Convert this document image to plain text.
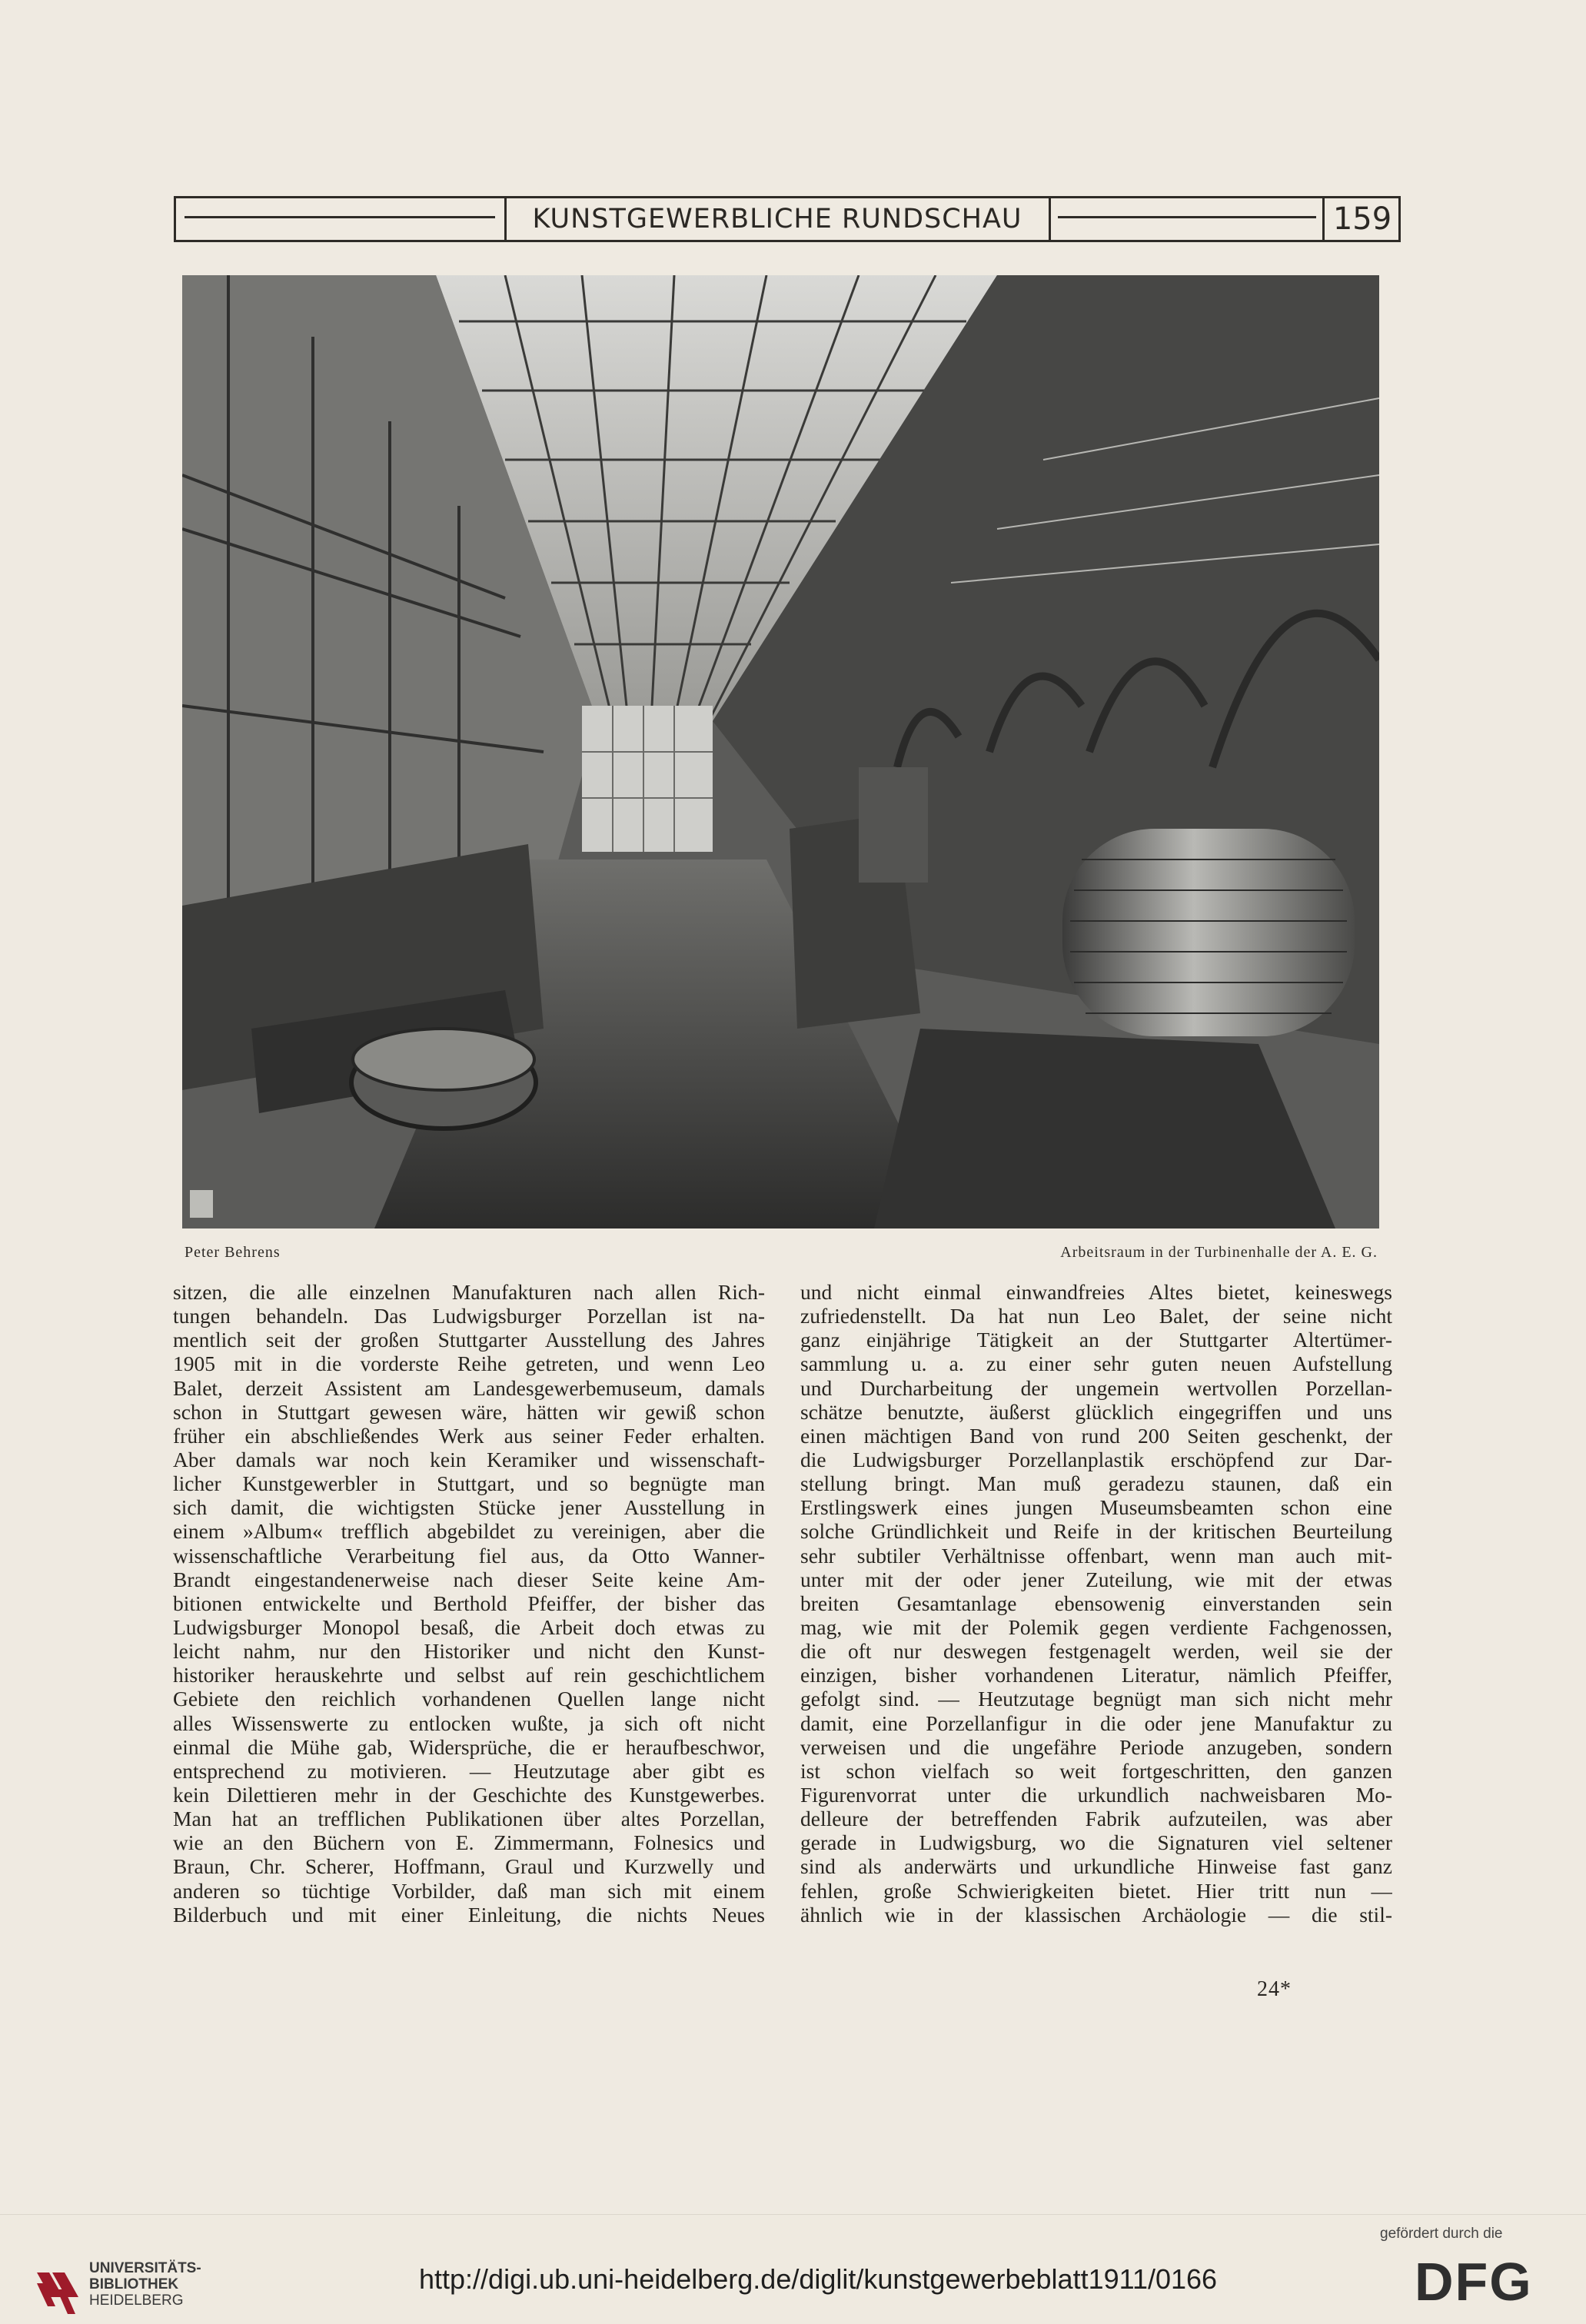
KUNSTGEWERBLICHE RUNDSCHAU	159
Peter Behrens	Arbeitsraum in der Turbinenhalle der A. E. G.
sitzen, die alle einzelnen Manufakturen nach allen Rich-
tungen behandeln. Das Ludwigsburger Porzellan ist na-
mentlich seit der großen Stuttgarter Ausstellung des Jahres
1905 mit in die vorderste Reihe getreten, und wenn Leo
Balet, derzeit Assistent am Landesgewerbemuseum, damals
schon in Stuttgart gewesen wäre, hätten wir gewiß schon
früher ein abschließendes Werk aus seiner Feder erhalten.
Aber damals war noch kein Keramiker und wissenschaft-
licher Kunstgewerbler in Stuttgart, und so begnügte man
sich damit, die wichtigsten Stücke jener Ausstellung in
einem »Album« trefflich abgebildet zu vereinigen, aber die
wissenschaftliche Verarbeitung fiel aus, da Otto Wanner-
Brandt eingestandenerweise nach dieser Seite keine Am-
bitionen entwickelte und Berthold Pfeiffer, der bisher das
Ludwigsburger Monopol besaß, die Arbeit doch etwas zu
leicht nahm, nur den Historiker und nicht den Kunst-
historiker herauskehrte und selbst auf rein geschichtlichem
Gebiete den reichlich vorhandenen Quellen lange nicht
alles Wissenswerte zu entlocken wußte, ja sich oft nicht
einmal die Mühe gab, Widersprüche, die er heraufbeschwor,
entsprechend zu motivieren. — Heutzutage aber gibt es
kein Dilettieren mehr in der Geschichte des Kunstgewerbes.
Man hat an trefflichen Publikationen über altes Porzellan,
wie an den Büchern von E. Zimmermann, Folnesics und
Braun, Chr. Scherer, Hoffmann, Graul und Kurzwelly und
anderen so tüchtige Vorbilder, daß man sich mit einem
Bilderbuch und mit einer Einleitung, die nichts Neues
und nicht einmal einwandfreies Altes bietet, keineswegs
zufriedenstellt. Da hat nun Leo Balet, der seine nicht
ganz einjährige Tätigkeit an der Stuttgarter Altertümer-
sammlung u. a. zu einer sehr guten neuen Aufstellung
und Durcharbeitung der ungemein wertvollen Porzellan-
schätze benutzte, äußerst glücklich eingegriffen und uns
einen mächtigen Band von rund 200 Seiten geschenkt, der
die Ludwigsburger Porzellanplastik erschöpfend zur Dar-
stellung bringt. Man muß geradezu staunen, daß ein
Erstlingswerk eines jungen Museumsbeamten schon eine
solche Gründlichkeit und Reife in der kritischen Beurteilung
sehr subtiler Verhältnisse offenbart, wenn man auch mit-
unter mit der oder jener Zuteilung, wie mit der etwas
breiten Gesamtanlage ebensowenig einverstanden sein
mag, wie mit der Polemik gegen verdiente Fachgenossen,
die oft nur deswegen festgenagelt werden, weil sie der
einzigen, bisher vorhandenen Literatur, nämlich Pfeiffer,
gefolgt sind. — Heutzutage begnügt man sich nicht mehr
damit, eine Porzellanfigur in die oder jene Manufaktur zu
verweisen und die ungefähre Periode anzugeben, sondern
ist schon vielfach so weit fortgeschritten, den ganzen
Figurenvorrat unter die urkundlich nachweisbaren Mo-
delleure der betreffenden Fabrik aufzuteilen, was aber
gerade in Ludwigsburg, wo die Signaturen viel seltener
sind als anderwärts und urkundliche Hinweise fast ganz
fehlen, große Schwierigkeiten bietet. Hier tritt nun —
ähnlich wie in der klassischen Archäologie — die stil-
24*
UNIVERSITÄTS-
BIBLIOTHEK
HEIDELBERG
http://digi.ub.uni-heidelberg.de/diglit/kunstgewerbeblatt1911/0166
gefördert durch die
DFG
